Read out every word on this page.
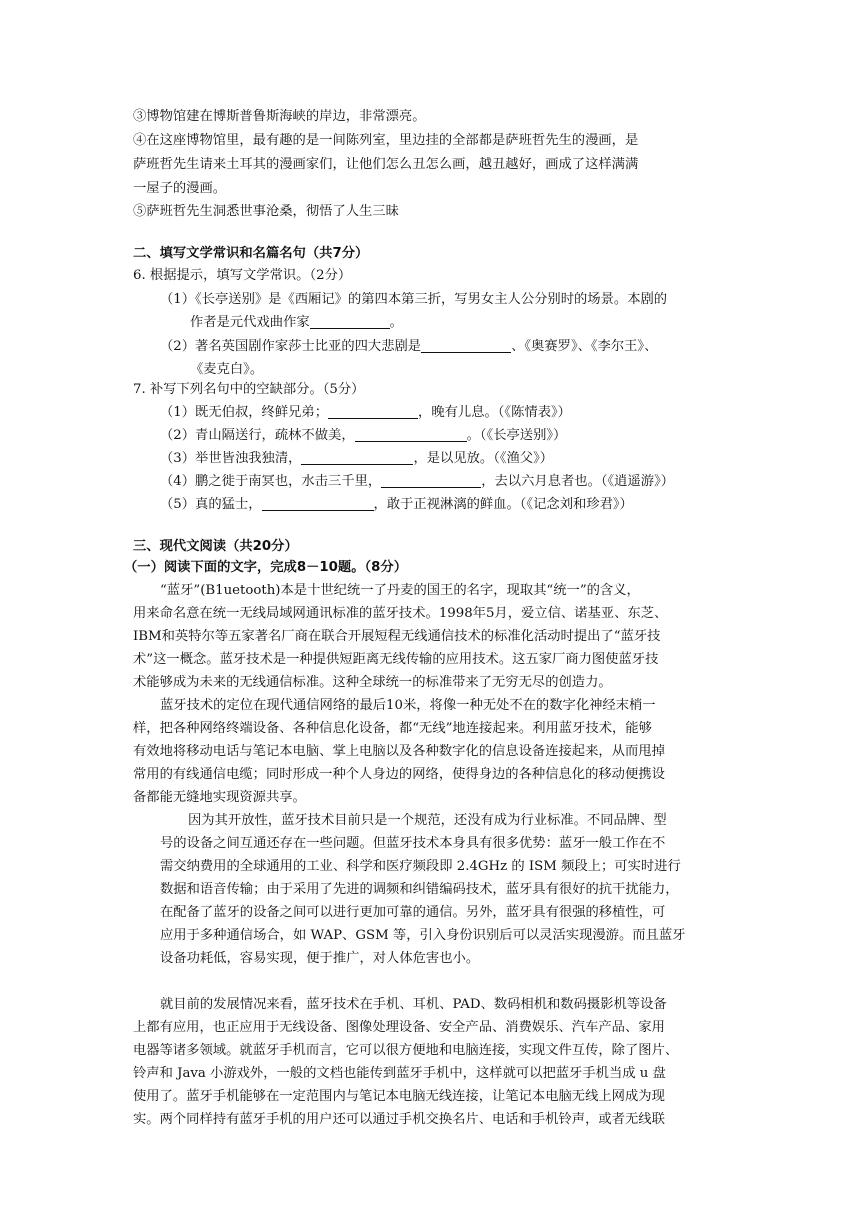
③博物馆建在博斯普鲁斯海峡的岸边，非常漂亮。
④在这座博物馆里，最有趣的是一间陈列室，里边挂的全部都是萨班哲先生的漫画，是
萨班哲先生请来土耳其的漫画家们，让他们怎么丑怎么画，越丑越好，画成了这样满满
一屋子的漫画。
⑤萨班哲先生洞悉世事沧桑，彻悟了人生三昧
二、填写文学常识和名篇名句（共7分）
6. 根据提示，填写文学常识。（2分）
（1）《长亭送别》是《西厢记》的第四本第三折，写男女主人公分别时的场景。本剧的
作者是元代戏曲作家	。
（2）著名英国剧作家莎士比亚的四大悲剧是	、《奥赛罗》、《李尔王》、
《麦克白》。
7. 补写下列名句中的空缺部分。（5分）
（1）既无伯叔，终鲜兄弟；	，晚有儿息。（《陈情表》）
（2）青山隔送行，疏林不做美，	。（《长亭送别》）
（3）举世皆浊我独清，	，是以见放。（《渔父》）
（4）鹏之徙于南冥也，水击三千里，	，去以六月息者也。（《逍遥游》）
（5）真的猛士，	，敢于正视淋漓的鲜血。（《记念刘和珍君》）
三、现代文阅读（共20分）
（一）阅读下面的文字，完成8－10题。（8分）
“蓝牙”(B1uetooth)本是十世纪统一了丹麦的国王的名字，现取其“统一”的含义，
用来命名意在统一无线局域网通讯标准的蓝牙技术。1998年5月，爱立信、诺基亚、东芝、
IBM和英特尔等五家著名厂商在联合开展短程无线通信技术的标准化活动时提出了“蓝牙技
术”这一概念。蓝牙技术是一种提供短距离无线传输的应用技术。这五家厂商力图使蓝牙技
术能够成为未来的无线通信标准。这种全球统一的标准带来了无穷无尽的创造力。
蓝牙技术的定位在现代通信网络的最后10米，将像一种无处不在的数字化神经末梢一
样，把各种网络终端设备、各种信息化设备，都“无线”地连接起来。利用蓝牙技术，能够
有效地将移动电话与笔记本电脑、掌上电脑以及各种数字化的信息设备连接起来，从而甩掉
常用的有线通信电缆；同时形成一种个人身边的网络，使得身边的各种信息化的移动便携设
备都能无缝地实现资源共享。
因为其开放性，蓝牙技术目前只是一个规范，还没有成为行业标准。不同品牌、型
号的设备之间互通还存在一些问题。但蓝牙技术本身具有很多优势：蓝牙一般工作在不
需交纳费用的全球通用的工业、科学和医疗频段即 2.4GHz 的 ISM 频段上；可实时进行
数据和语音传输；由于采用了先进的调频和纠错编码技术，蓝牙具有很好的抗干扰能力，
在配备了蓝牙的设备之间可以进行更加可靠的通信。另外，蓝牙具有很强的移植性，可
应用于多种通信场合，如 WAP、GSM 等，引入身份识别后可以灵活实现漫游。而且蓝牙
设备功耗低，容易实现，便于推广，对人体危害也小。
就目前的发展情况来看，蓝牙技术在手机、耳机、PAD、数码相机和数码摄影机等设备
上都有应用，也正应用于无线设备、图像处理设备、安全产品、消费娱乐、汽车产品、家用
电器等诸多领域。就蓝牙手机而言，它可以很方便地和电脑连接，实现文件互传，除了图片、
铃声和 Java 小游戏外，一般的文档也能传到蓝牙手机中，这样就可以把蓝牙手机当成 u 盘
使用了。蓝牙手机能够在一定范围内与笔记本电脑无线连接，让笔记本电脑无线上网成为现
实。两个同样持有蓝牙手机的用户还可以通过手机交换名片、电话和手机铃声，或者无线联
